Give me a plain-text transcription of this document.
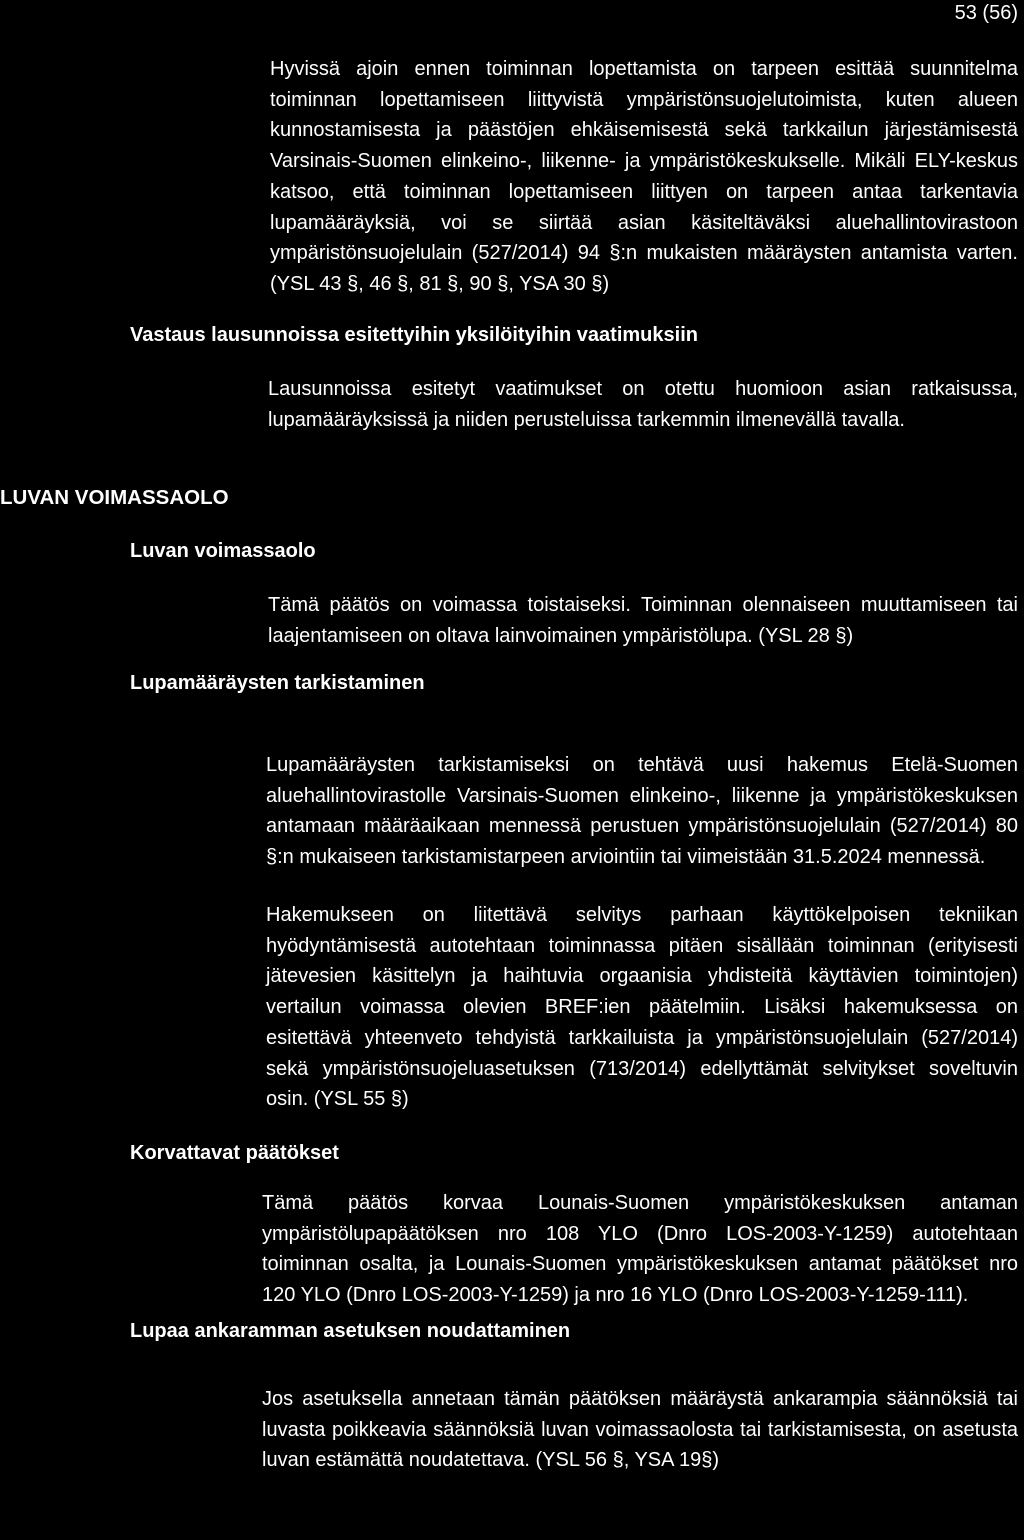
53 (56)

Hyvissä ajoin ennen toiminnan lopettamista on tarpeen esittää suunnitelma toiminnan lopettamiseen liittyvistä ympäristönsuojelutoimista, kuten alueen kunnostamisesta ja päästöjen ehkäisemisestä sekä tarkkailun järjestämisestä Varsinais-Suomen elinkeino-, liikenne- ja ympäristökeskukselle. Mikäli ELY-keskus katsoo, että toiminnan lopettamiseen liittyen on tarpeen antaa tarkentavia lupamääräyksiä, voi se siirtää asian käsiteltäväksi aluehallintovirastoon ympäristönsuojelulain (527/2014) 94 §:n mukaisten määräysten antamista varten. (YSL 43 §, 46 §, 81 §, 90 §, YSA 30 §)

Vastaus lausunnoissa esitettyihin yksilöityihin vaatimuksiin

Lausunnoissa esitetyt vaatimukset on otettu huomioon asian ratkaisussa, lupamääräyksissä ja niiden perusteluissa tarkemmin ilmenevällä tavalla.

LUVAN VOIMASSAOLO
Luvan voimassaolo

Tämä päätös on voimassa toistaiseksi. Toiminnan olennaiseen muuttamiseen tai laajentamiseen on oltava lainvoimainen ympäristölupa. (YSL 28 §)

Lupamääräysten tarkistaminen

Lupamääräysten tarkistamiseksi on tehtävä uusi hakemus Etelä-Suomen aluehallintovirastolle Varsinais-Suomen elinkeino-, liikenne ja ympäristökeskuksen antamaan määräaikaan mennessä perustuen ympäristönsuojelulain (527/2014) 80 §:n mukaiseen tarkistamistarpeen arviointiin tai viimeistään 31.5.2024 mennessä.

Hakemukseen on liitettävä selvitys parhaan käyttökelpoisen tekniikan hyödyntämisestä autotehtaan toiminnassa pitäen sisällään toiminnan (erityisesti jätevesien käsittelyn ja haihtuvia orgaanisia yhdisteitä käyttävien toimintojen) vertailun voimassa olevien BREF:ien päätelmiin. Lisäksi hakemuksessa on esitettävä yhteenveto tehdyistä tarkkailuista ja ympäristönsuojelulain (527/2014) sekä ympäristönsuojeluasetuksen (713/2014) edellyttämät selvitykset soveltuvin osin. (YSL 55 §)

Korvattavat päätökset

Tämä päätös korvaa Lounais-Suomen ympäristökeskuksen antaman ympäristölupapäätöksen nro 108 YLO (Dnro LOS-2003-Y-1259) autotehtaan toiminnan osalta, ja Lounais-Suomen ympäristökeskuksen antamat päätökset nro 120 YLO (Dnro LOS-2003-Y-1259) ja nro 16 YLO (Dnro LOS-2003-Y-1259-111).

Lupaa ankaramman asetuksen noudattaminen

Jos asetuksella annetaan tämän päätöksen määräystä ankarampia säännöksiä tai luvasta poikkeavia säännöksiä luvan voimassaolosta tai tarkistamisesta, on asetusta luvan estämättä noudatettava. (YSL 56 §, YSA 19§)
